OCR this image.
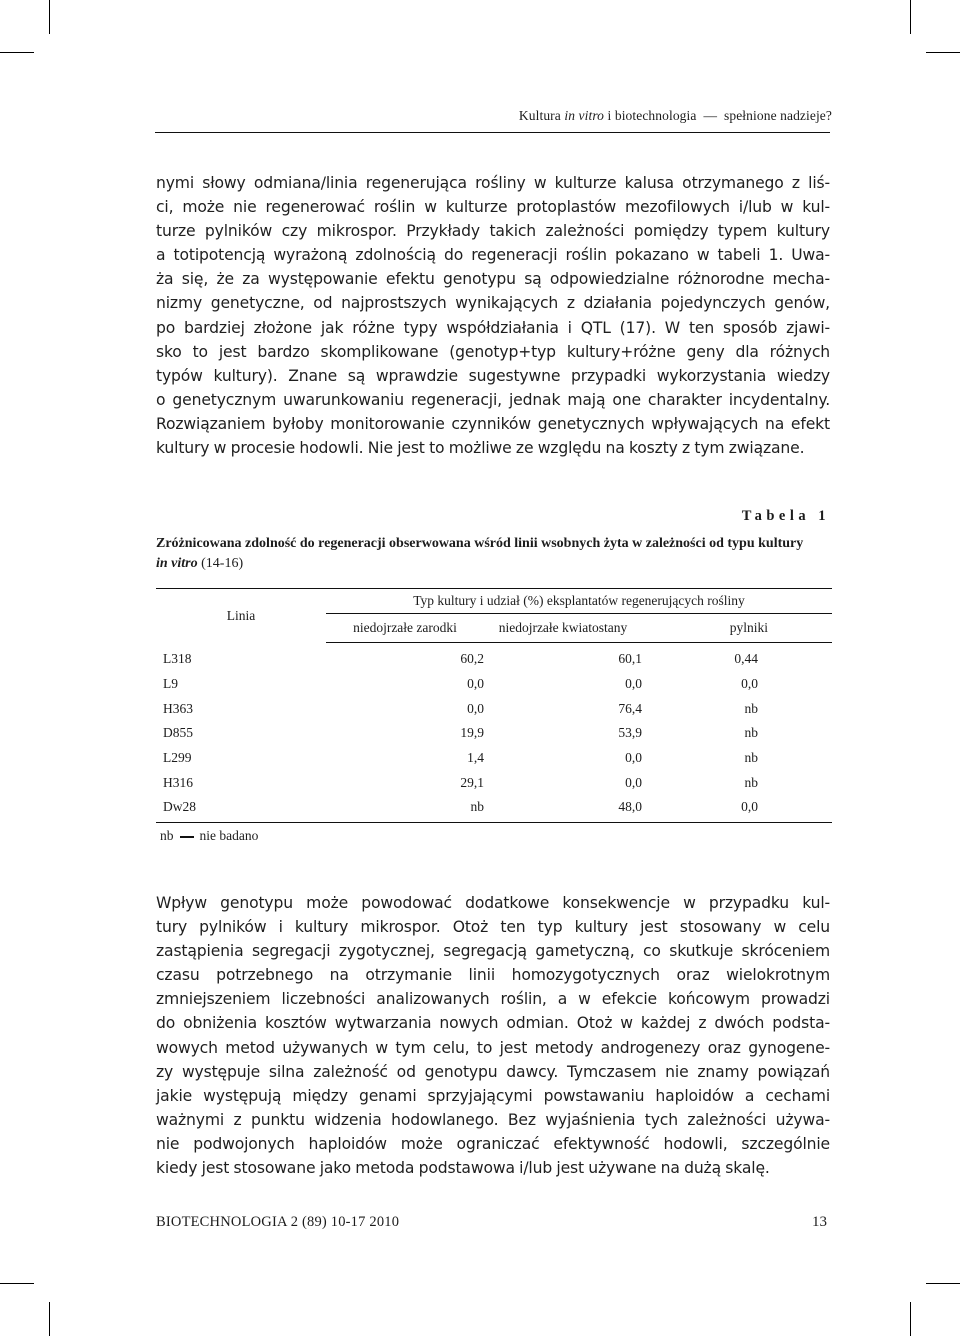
Kultura in vitro i biotechnologia  —  spełnione nadzieje?
nymi słowy odmiana/linia regenerująca rośliny w kulturze kalusa otrzymanego z liś-
ci, może nie regenerować roślin w kulturze protoplastów mezofilowych i/lub w kul-
turze pylników czy mikrospor. Przykłady takich zależności pomiędzy typem kultury
a totipotencją wyrażoną zdolnością do regeneracji roślin pokazano w tabeli 1. Uwa-
ża się, że za występowanie efektu genotypu są odpowiedzialne różnorodne mecha-
nizmy genetyczne, od najprostszych wynikających z działania pojedynczych genów,
po bardziej złożone jak różne typy współdziałania i QTL (17). W ten sposób zjawi-
sko to jest bardzo skomplikowane (genotyp+typ kultury+różne geny dla różnych
typów kultury). Znane są wprawdzie sugestywne przypadki wykorzystania wiedzy
o genetycznym uwarunkowaniu regeneracji, jednak mają one charakter incydentalny.
Rozwiązaniem byłoby monitorowanie czynników genetycznych wpływających na efekt
kultury w procesie hodowli. Nie jest to możliwe ze względu na koszty z tym związane.
Tabela 1
Zróżnicowana zdolność do regeneracji obserwowana wśród linii wsobnych żyta w zależności od typu kultury
in vitro (14-16)
Linia	Typ kultury i udział (%) eksplantatów regenerujących rośliny		
	niedojrzałe zarodki	niedojrzałe kwiatostany	pylniki
L318	60,2	60,1	0,44
L9	0,0	0,0	0,0
H363	0,0	76,4	nb
D855	19,9	53,9	nb
L299	1,4	0,0	nb
H316	29,1	0,0	nb
Dw28	nb	48,0	0,0
nb nie badano
Wpływ genotypu może powodować dodatkowe konsekwencje w przypadku kul-
tury pylników i kultury mikrospor. Otoż ten typ kultury jest stosowany w celu
zastąpienia segregacji zygotycznej, segregacją gametyczną, co skutkuje skróceniem
czasu potrzebnego na otrzymanie linii homozygotycznych oraz wielokrotnym
zmniejszeniem liczebności analizowanych roślin, a w efekcie końcowym prowadzi
do obniżenia kosztów wytwarzania nowych odmian. Otoż w każdej z dwóch podsta-
wowych metod używanych w tym celu, to jest metody androgenezy oraz gynogene-
zy występuje silna zależność od genotypu dawcy. Tymczasem nie znamy powiązań
jakie występują między genami sprzyjającymi powstawaniu haploidów a cechami
ważnymi z punktu widzenia hodowlanego. Bez wyjaśnienia tych zależności używa-
nie podwojonych haploidów może ograniczać efektywność hodowli, szczególnie
kiedy jest stosowane jako metoda podstawowa i/lub jest używane na dużą skalę.
BIOTECHNOLOGIA 2 (89) 10-17 2010	13
